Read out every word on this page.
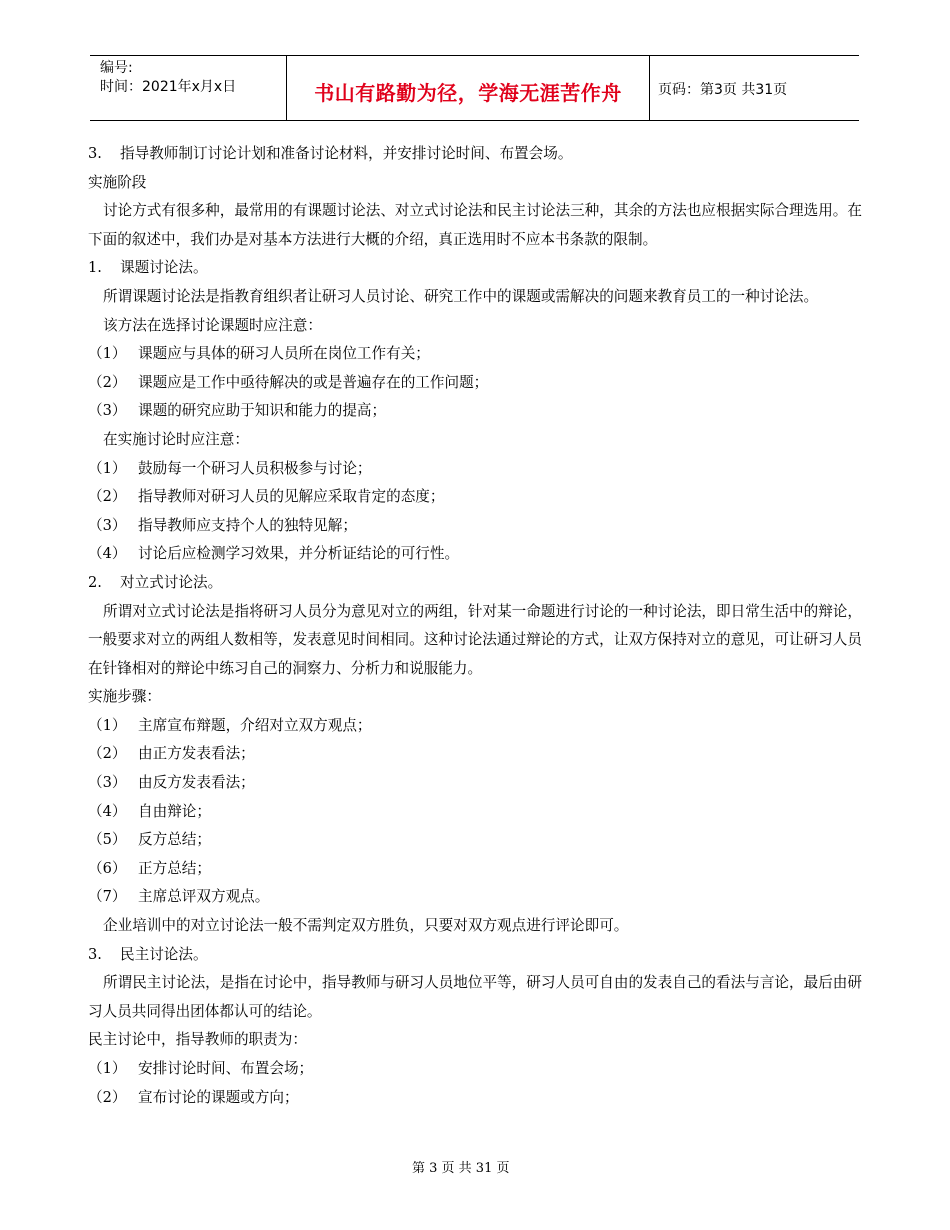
编号:
时间：2021年x月x日	书山有路勤为径，学海无涯苦作舟	页码：第3页 共31页

3. 指导教师制订讨论计划和准备讨论材料，并安排讨论时间、布置会场。

实施阶段

讨论方式有很多种，最常用的有课题讨论法、对立式讨论法和民主讨论法三种，其余的方法也应根据实际合理选用。在下面的叙述中，我们办是对基本方法进行大概的介绍，真正选用时不应本书条款的限制。

1. 课题讨论法。

所谓课题讨论法是指教育组织者让研习人员讨论、研究工作中的课题或需解决的问题来教育员工的一种讨论法。

该方法在选择讨论课题时应注意：

（1） 课题应与具体的研习人员所在岗位工作有关；

（2） 课题应是工作中亟待解决的或是普遍存在的工作问题；

（3） 课题的研究应助于知识和能力的提高；

在实施讨论时应注意：

（1） 鼓励每一个研习人员积极参与讨论；

（2） 指导教师对研习人员的见解应采取肯定的态度；

（3） 指导教师应支持个人的独特见解；

（4） 讨论后应检测学习效果，并分析证结论的可行性。

2. 对立式讨论法。

所谓对立式讨论法是指将研习人员分为意见对立的两组，针对某一命题进行讨论的一种讨论法，即日常生活中的辩论，一般要求对立的两组人数相等，发表意见时间相同。这种讨论法通过辩论的方式，让双方保持对立的意见，可让研习人员在针锋相对的辩论中练习自己的洞察力、分析力和说服能力。

实施步骤：

（1） 主席宣布辩题，介绍对立双方观点；

（2） 由正方发表看法；

（3） 由反方发表看法；

（4） 自由辩论；

（5） 反方总结；

（6） 正方总结；

（7） 主席总评双方观点。

企业培训中的对立讨论法一般不需判定双方胜负，只要对双方观点进行评论即可。

3. 民主讨论法。

所谓民主讨论法，是指在讨论中，指导教师与研习人员地位平等，研习人员可自由的发表自己的看法与言论，最后由研习人员共同得出团体都认可的结论。

民主讨论中，指导教师的职责为：

（1） 安排讨论时间、布置会场；

（2） 宣布讨论的课题或方向；

第 3 页 共 31 页
